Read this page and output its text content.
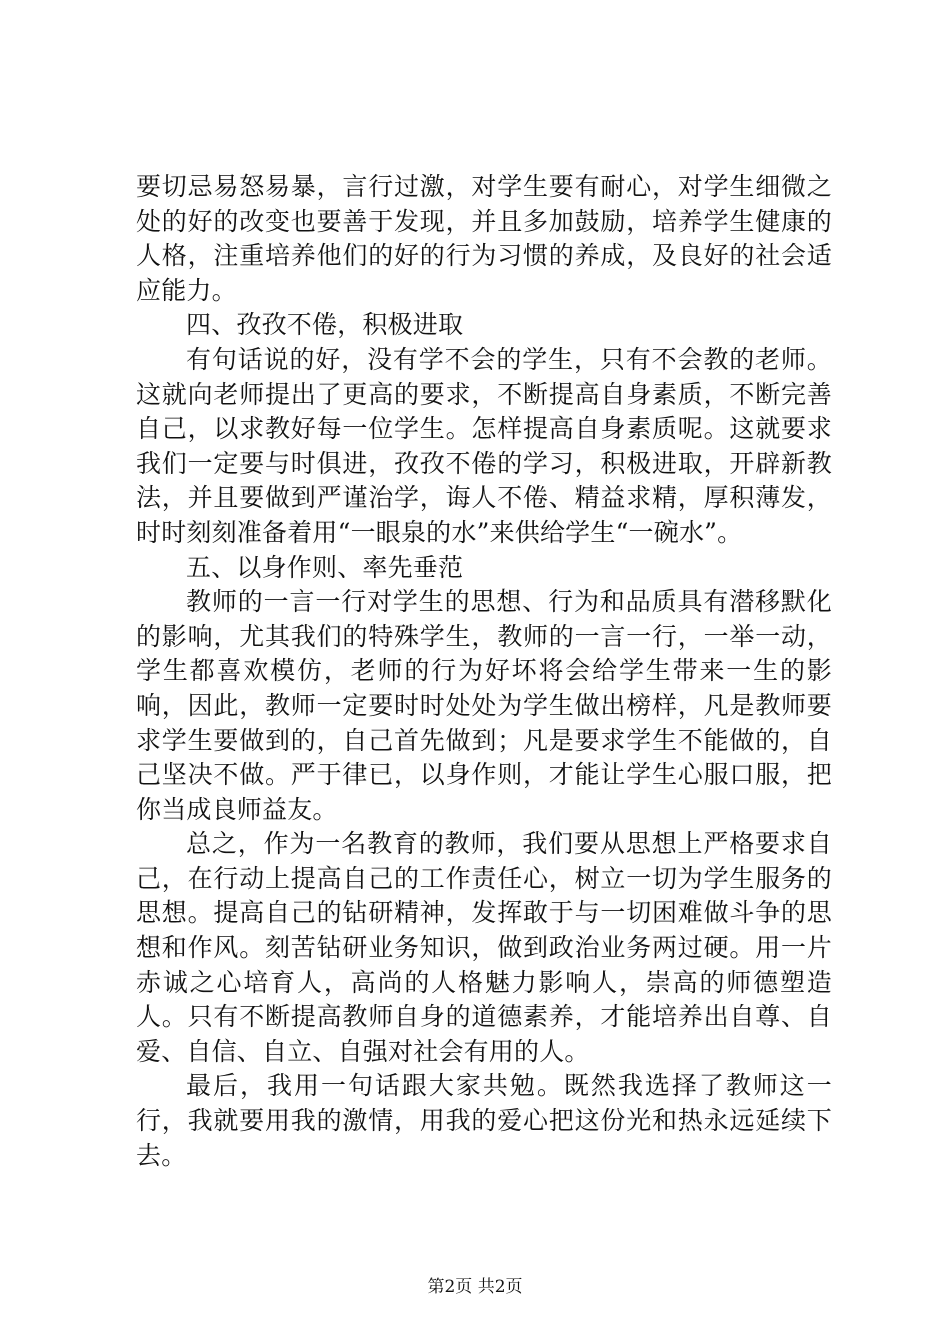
要切忌易怒易暴，言行过激，对学生要有耐心，对学生细微之处的好的改变也要善于发现，并且多加鼓励，培养学生健康的人格，注重培养他们的好的行为习惯的养成，及良好的社会适应能力。

四、孜孜不倦，积极进取

有句话说的好，没有学不会的学生，只有不会教的老师。这就向老师提出了更高的要求，不断提高自身素质，不断完善自己，以求教好每一位学生。怎样提高自身素质呢。这就要求我们一定要与时俱进，孜孜不倦的学习，积极进取，开辟新教法，并且要做到严谨治学，诲人不倦、精益求精，厚积薄发，时时刻刻准备着用“一眼泉的水”来供给学生“一碗水”。

五、以身作则、率先垂范

教师的一言一行对学生的思想、行为和品质具有潜移默化的影响，尤其我们的特殊学生，教师的一言一行，一举一动，学生都喜欢模仿，老师的行为好坏将会给学生带来一生的影响，因此，教师一定要时时处处为学生做出榜样，凡是教师要求学生要做到的，自己首先做到；凡是要求学生不能做的，自己坚决不做。严于律已，以身作则，才能让学生心服口服，把你当成良师益友。

总之，作为一名教育的教师，我们要从思想上严格要求自己，在行动上提高自己的工作责任心，树立一切为学生服务的思想。提高自己的钻研精神，发挥敢于与一切困难做斗争的思想和作风。刻苦钻研业务知识，做到政治业务两过硬。用一片赤诚之心培育人，高尚的人格魅力影响人，崇高的师德塑造人。只有不断提高教师自身的道德素养，才能培养出自尊、自爱、自信、自立、自强对社会有用的人。

最后，我用一句话跟大家共勉。既然我选择了教师这一行，我就要用我的激情，用我的爱心把这份光和热永远延续下去。

第2页 共2页
